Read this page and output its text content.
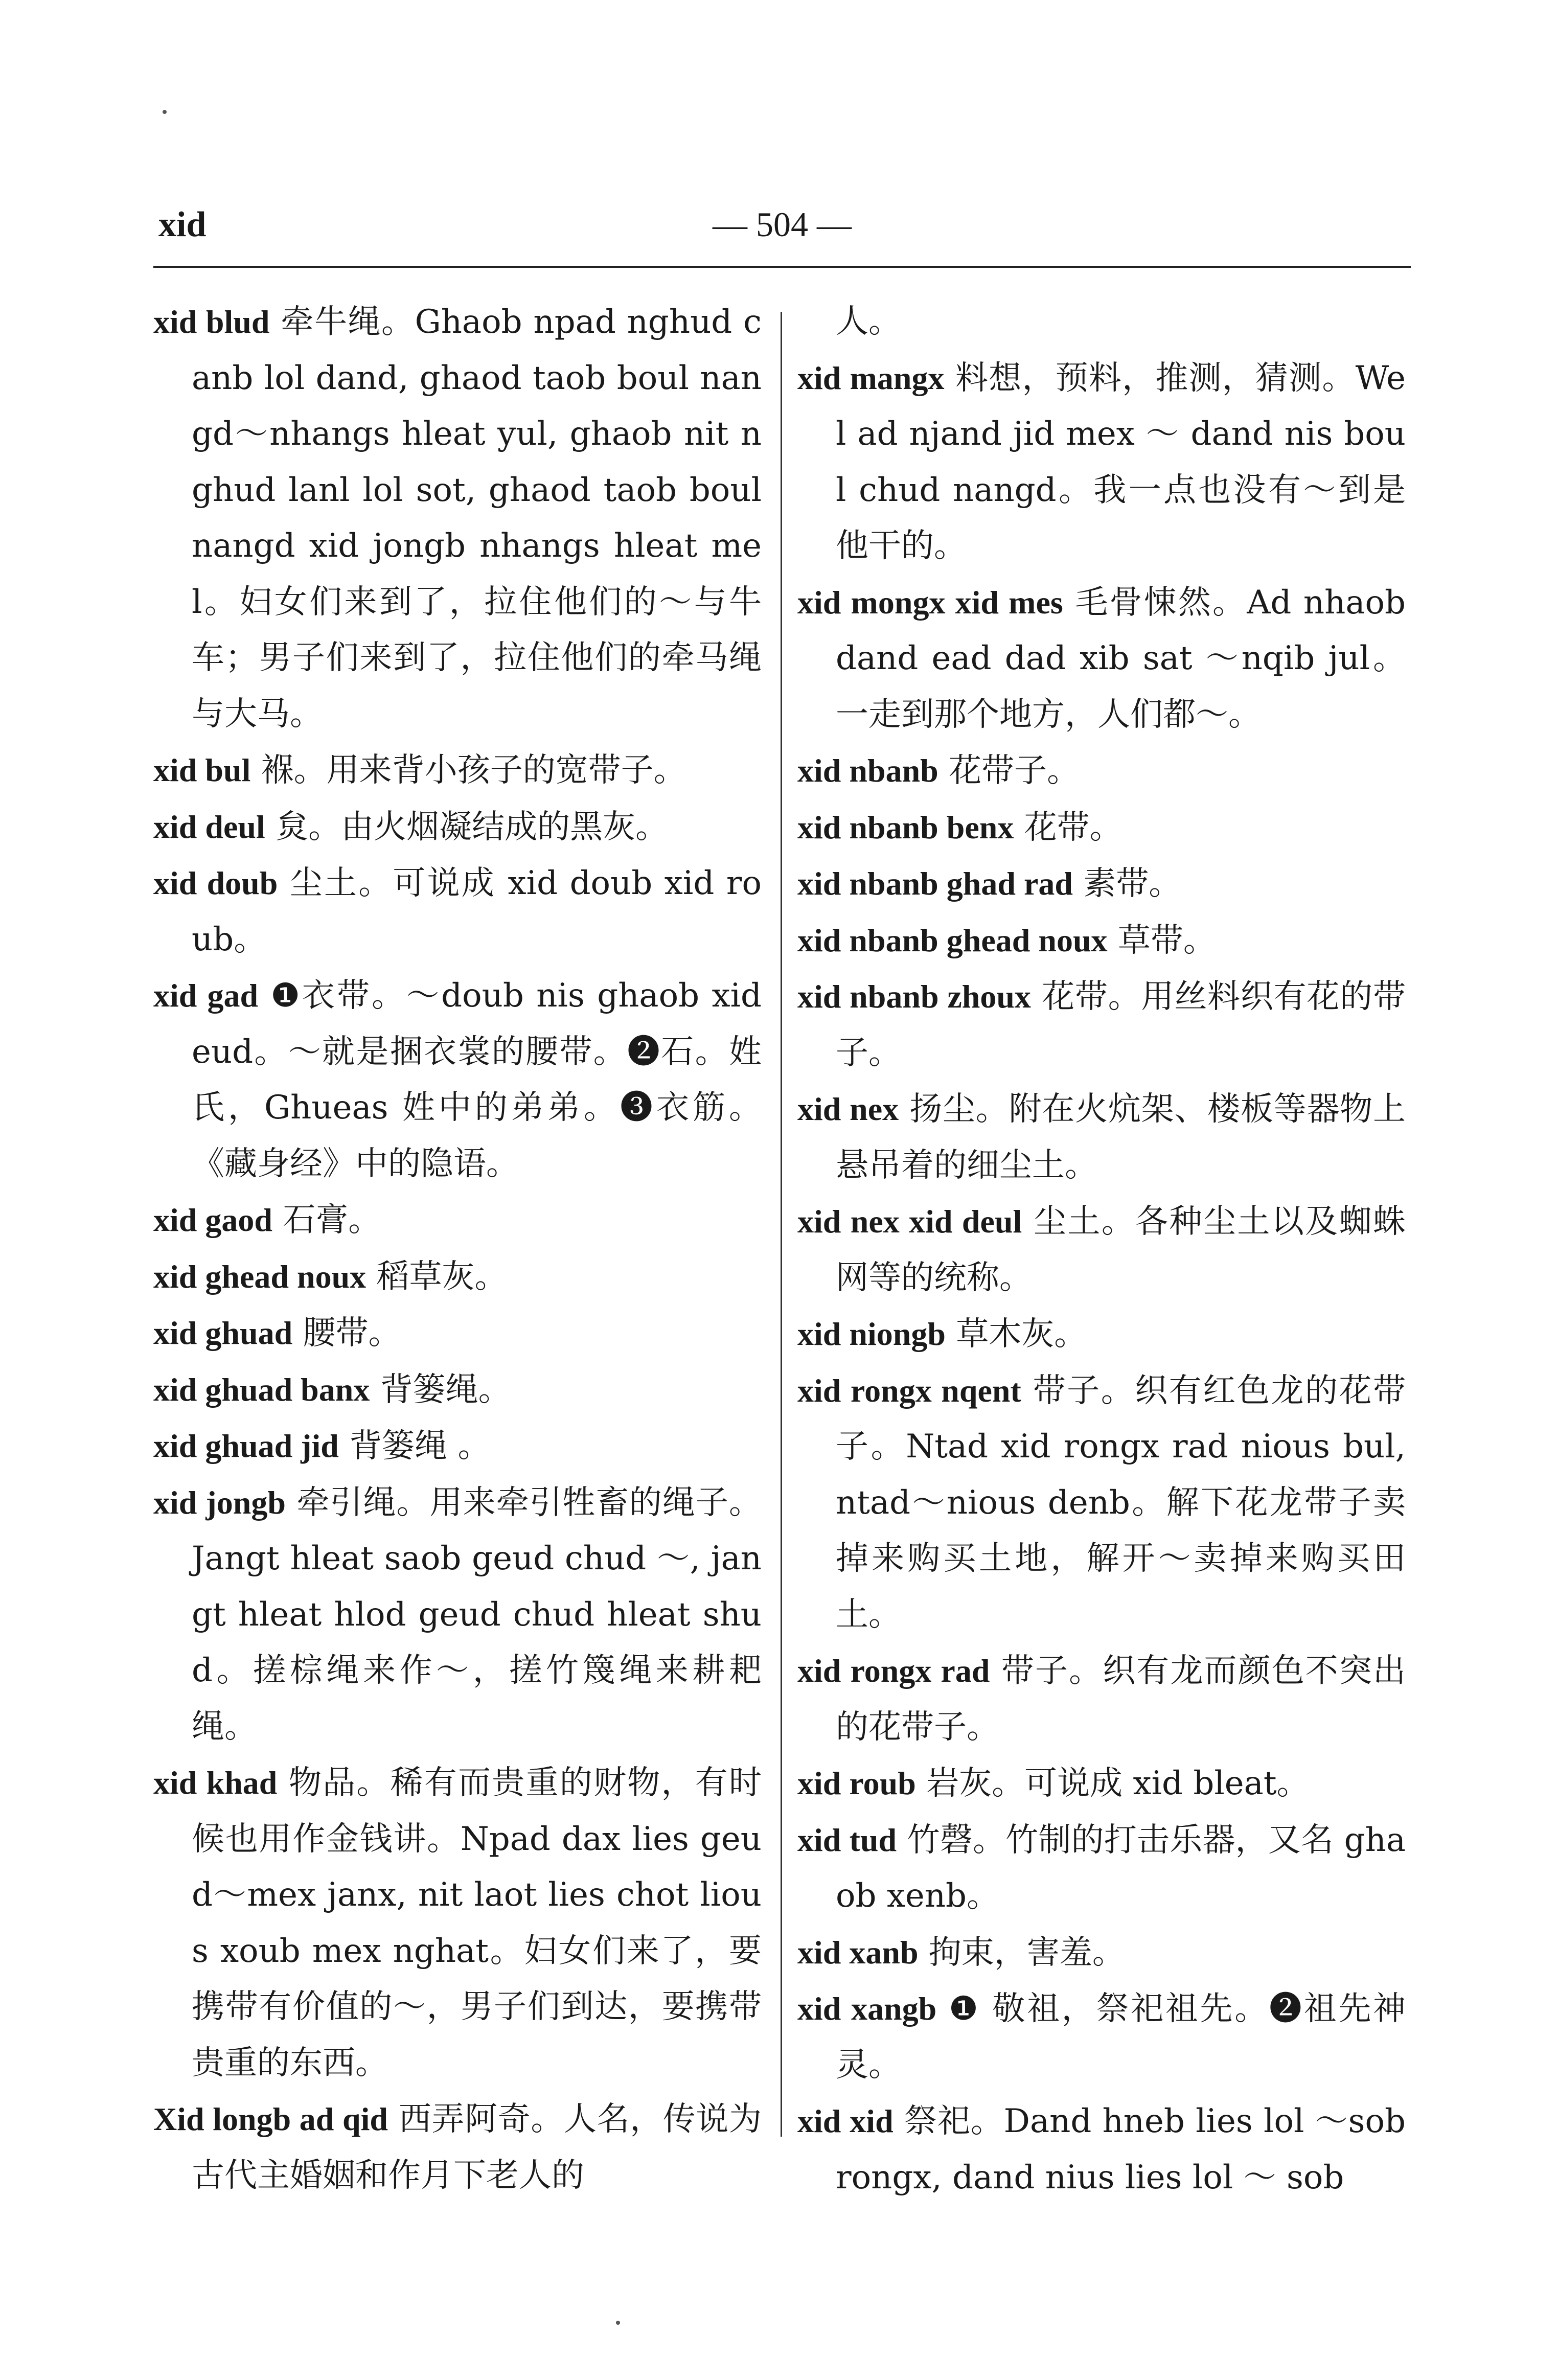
xid	— 504 —

xid blud 牵牛绳。Ghaob npad nghud canb lol dand, ghaod taob boul nangd～nhangs hleat yul, ghaob nit nghud lanl lol sot, ghaod taob boul nangd xid jongb nhangs hleat mel。妇女们来到了，拉住他们的～与牛车；男子们来到了，拉住他们的牵马绳与大马。

xid bul 褓。用来背小孩子的宽带子。

xid deul 炱。由火烟凝结成的黑灰。

xid doub 尘土。可说成 xid doub xid roub。

xid gad ❶衣带。～doub nis ghaob xid eud。～就是捆衣裳的腰带。❷石。姓氏，Ghueas 姓中的弟弟。❸衣筋。《藏身经》中的隐语。

xid gaod 石膏。

xid ghead noux 稻草灰。

xid ghuad 腰带。

xid ghuad banx 背篓绳。

xid ghuad jid 背篓绳 。

xid jongb 牵引绳。用来牵引牲畜的绳子。Jangt hleat saob geud chud ～, jangt hleat hlod geud chud hleat shud。搓棕绳来作～，搓竹篾绳来耕耙绳。

xid khad 物品。稀有而贵重的财物，有时候也用作金钱讲。Npad dax lies geud～mex janx, nit laot lies chot lious xoub mex nghat。妇女们来了，要携带有价值的～，男子们到达，要携带贵重的东西。

Xid longb ad qid 西弄阿奇。人名，传说为古代主婚姻和作月下老人的

人。

xid mangx 料想，预料，推测，猜测。Wel ad njand jid mex ～ dand nis boul chud nangd。我一点也没有～到是他干的。

xid mongx xid mes 毛骨悚然。Ad nhaob dand ead dad xib sat ～nqib jul。一走到那个地方，人们都～。

xid nbanb 花带子。

xid nbanb benx 花带。

xid nbanb ghad rad 素带。

xid nbanb ghead noux 草带。

xid nbanb zhoux 花带。用丝料织有花的带子。

xid nex 扬尘。附在火炕架、楼板等器物上悬吊着的细尘土。

xid nex xid deul 尘土。各种尘土以及蜘蛛网等的统称。

xid niongb 草木灰。

xid rongx nqent 带子。织有红色龙的花带子。Ntad xid rongx rad nious bul, ntad～nious denb。解下花龙带子卖掉来购买土地，解开～卖掉来购买田土。

xid rongx rad 带子。织有龙而颜色不突出的花带子。

xid roub 岩灰。可说成 xid bleat。

xid tud 竹磬。竹制的打击乐器，又名 ghaob xenb。

xid xanb 拘束，害羞。

xid xangb ❶ 敬祖，祭祀祖先。❷祖先神灵。

xid xid 祭祀。Dand hneb lies lol ～sob rongx, dand nius lies lol ～ sob
